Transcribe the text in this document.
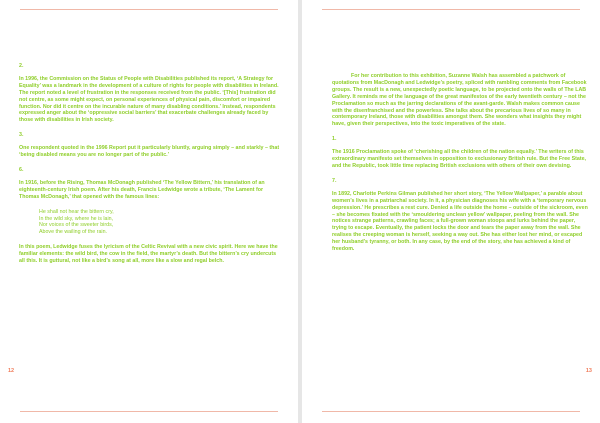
2.

In 1996, the Commission on the Status of People with Disabilities published its report, ‘A Strategy for Equality’ was a landmark in the development of a culture of rights for people with disabilities in Ireland. The report noted a level of frustration in the responses received from the public. ‘[This] frustration did not centre, as some might expect, on personal experiences of physical pain, discomfort or impaired function. Nor did it centre on the incurable nature of many disabling conditions.’ Instead, respondents expressed anger about the ‘oppressive social barriers’ that exacerbate challenges already faced by those with disabilities in Irish society.

3.

One respondent quoted in the 1996 Report put it particularly bluntly, arguing simply – and starkly – that ‘being disabled means you are no longer part of the public.’

6.

In 1916, before the Rising, Thomas McDonagh published ‘The Yellow Bittern,’ his translation of an eighteenth-century Irish poem. After his death, Francis Ledwidge wrote a tribute, ‘The Lament for Thomas McDonagh,’ that opened with the famous lines:

He shall not hear the bittern cry,
In the wild sky, where he is lain,
Nor voices of the sweeter birds,
Above the wailing of the rain.

In this poem, Ledwidge fuses the lyricism of the Celtic Revival with a new civic spirit. Here we have the familiar elements: the wild bird, the cow in the field, the martyr’s death. But the bittern’s cry undercuts all this. It is guttural, not like a bird’s song at all, more like a slow and regal belch.

12

For her contribution to this exhibition, Suzanne Walsh has assembled a patchwork of quotations from MacDonagh and Ledwidge’s poetry, spliced with rambling comments from Facebook groups. The result is a new, unexpectedly poetic language, to be projected onto the walls of The LAB Gallery. It reminds me of the language of the great manifestos of the early twentieth century – not the Proclamation so much as the jarring declarations of the avant-garde. Walsh makes common cause with the disenfranchised and the powerless. She talks about the precarious lives of so many in contemporary Ireland, those with disabilities amongst them. She wonders what insights they might have, given their perspectives, into the toxic imperatives of the state.

1.

The 1916 Proclamation spoke of ‘cherishing all the children of the nation equally.’ The writers of this extraordinary manifesto set themselves in opposition to exclusionary British rule. But the Free State, and the Republic, took little time replacing British exclusions with others of their own devising.

7.

In 1892, Charlotte Perkins Gilman published her short story, ‘The Yellow Wallpaper,’ a parable about women’s lives in a patriarchal society. In it, a physician diagnoses his wife with a ‘temporary nervous depression.’ He prescribes a rest cure. Denied a life outside the home – outside of the sickroom, even – she becomes fixated with the ‘smouldering unclean yellow’ wallpaper, peeling from the wall. She notices strange patterns, crawling faces; a full-grown woman stoops and lurks behind the paper, trying to escape. Eventually, the patient locks the door and tears the paper away from the wall. She realises the creeping woman is herself, seeking a way out. She has either lost her mind, or escaped her husband’s tyranny, or both. In any case, by the end of the story, she has achieved a kind of freedom.

13
